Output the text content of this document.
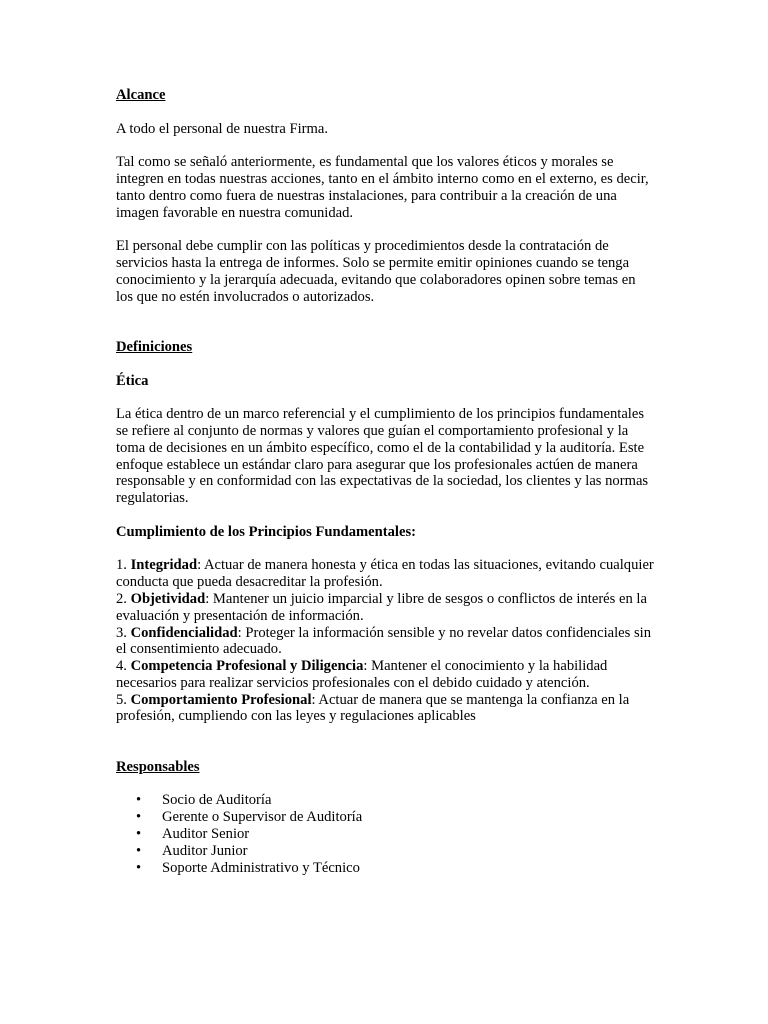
Alcance

A todo el personal de nuestra Firma.

Tal como se señaló anteriormente, es fundamental que los valores éticos y morales se integren en todas nuestras acciones, tanto en el ámbito interno como en el externo, es decir, tanto dentro como fuera de nuestras instalaciones, para contribuir a la creación de una imagen favorable en nuestra comunidad.

El personal debe cumplir con las políticas y procedimientos desde la contratación de servicios hasta la entrega de informes. Solo se permite emitir opiniones cuando se tenga conocimiento y la jerarquía adecuada, evitando que colaboradores opinen sobre temas en los que no estén involucrados o autorizados.

Definiciones

Ética

La ética dentro de un marco referencial y el cumplimiento de los principios fundamentales se refiere al conjunto de normas y valores que guían el comportamiento profesional y la toma de decisiones en un ámbito específico, como el de la contabilidad y la auditoría. Este enfoque establece un estándar claro para asegurar que los profesionales actúen de manera responsable y en conformidad con las expectativas de la sociedad, los clientes y las normas regulatorias.

Cumplimiento de los Principios Fundamentales:

1. Integridad: Actuar de manera honesta y ética en todas las situaciones, evitando cualquier conducta que pueda desacreditar la profesión.

2. Objetividad: Mantener un juicio imparcial y libre de sesgos o conflictos de interés en la evaluación y presentación de información.

3. Confidencialidad: Proteger la información sensible y no revelar datos confidenciales sin el consentimiento adecuado.

4. Competencia Profesional y Diligencia: Mantener el conocimiento y la habilidad necesarios para realizar servicios profesionales con el debido cuidado y atención.

5. Comportamiento Profesional: Actuar de manera que se mantenga la confianza en la profesión, cumpliendo con las leyes y regulaciones aplicables

Responsables

•	Socio de Auditoría
•	Gerente o Supervisor de Auditoría
•	Auditor Senior
•	Auditor Junior
•	Soporte Administrativo y Técnico
